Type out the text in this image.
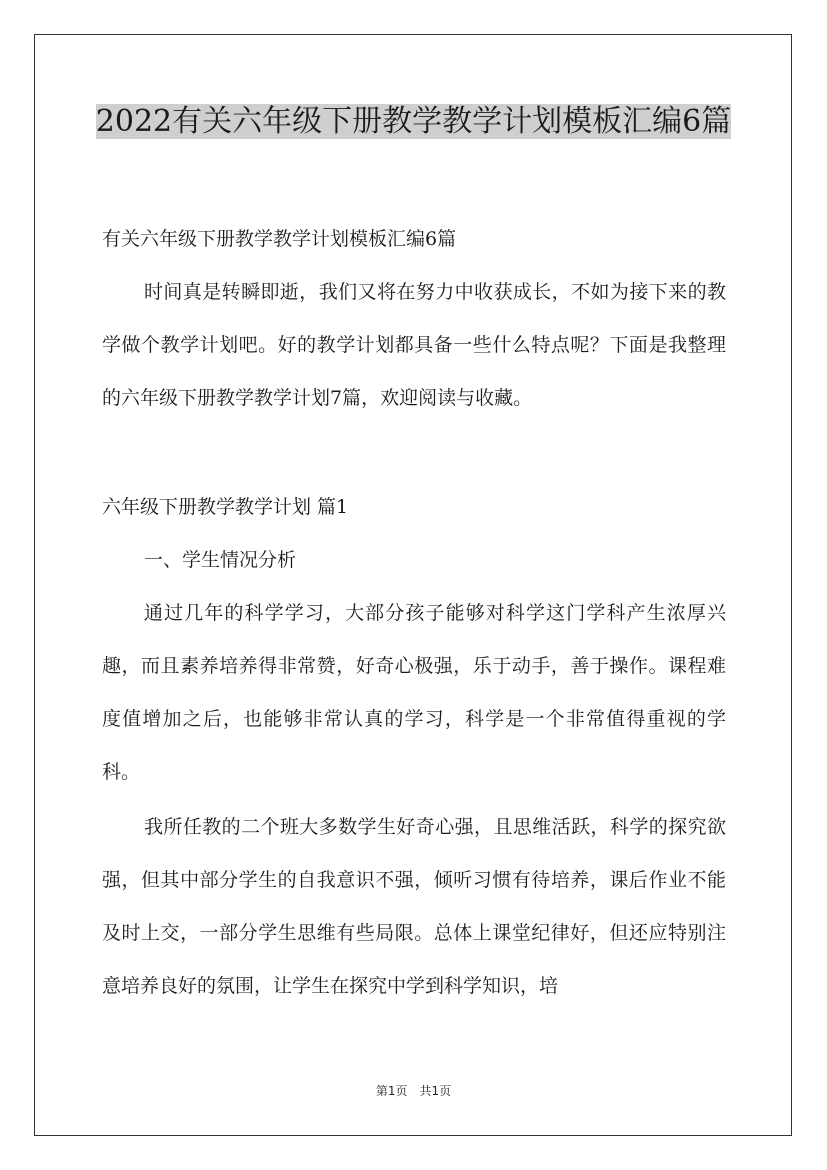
2022有关六年级下册教学教学计划模板汇编6篇

有关六年级下册教学教学计划模板汇编6篇

时间真是转瞬即逝，我们又将在努力中收获成长，不如为接下来的教学做个教学计划吧。好的教学计划都具备一些什么特点呢？下面是我整理的六年级下册教学教学计划7篇，欢迎阅读与收藏。

六年级下册教学教学计划 篇1

一、学生情况分析

通过几年的科学学习，大部分孩子能够对科学这门学科产生浓厚兴趣，而且素养培养得非常赞，好奇心极强，乐于动手，善于操作。课程难度值增加之后，也能够非常认真的学习，科学是一个非常值得重视的学科。

我所任教的二个班大多数学生好奇心强，且思维活跃，科学的探究欲强，但其中部分学生的自我意识不强，倾听习惯有待培养，课后作业不能及时上交，一部分学生思维有些局限。总体上课堂纪律好，但还应特别注意培养良好的氛围，让学生在探究中学到科学知识，培

第1页　共1页
